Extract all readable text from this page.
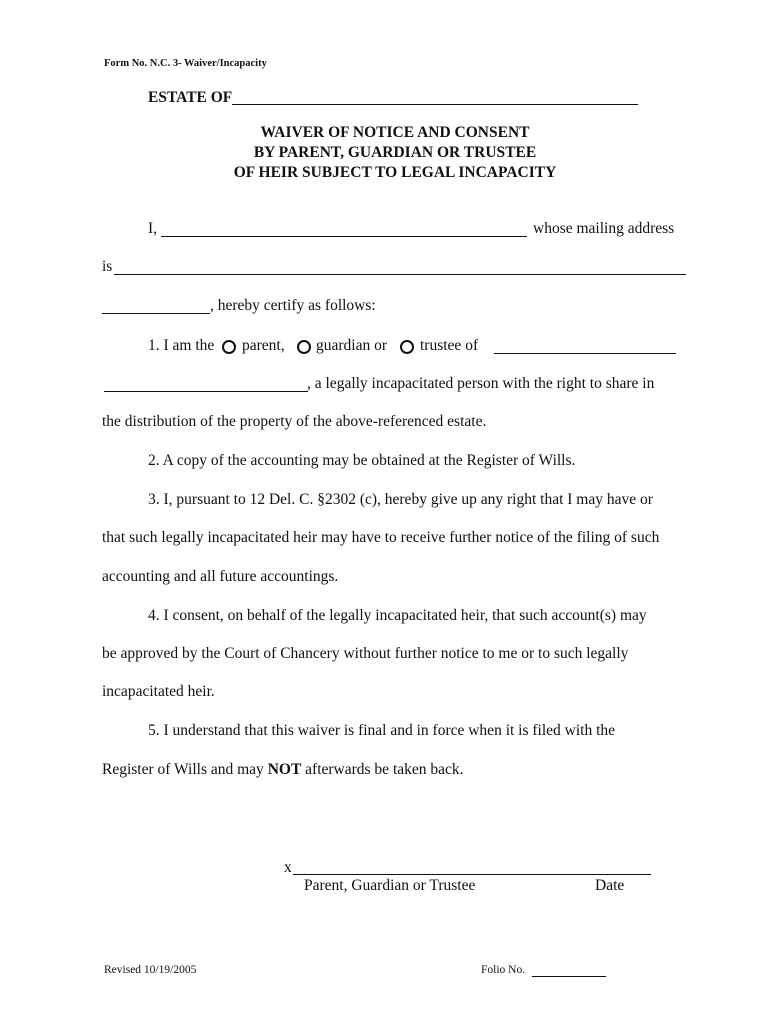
Form No. N.C. 3- Waiver/Incapacity
ESTATE OF
WAIVER OF NOTICE AND CONSENT
BY PARENT, GUARDIAN OR TRUSTEE
OF HEIR SUBJECT TO LEGAL INCAPACITY
I,	whose mailing address
is
, hereby certify as follows:
1. I am the parent, guardian or trustee of
, a legally incapacitated person with the right to share in
the distribution of the property of the above-referenced estate.
2. A copy of the accounting may be obtained at the Register of Wills.
3. I, pursuant to 12 Del. C. §2302 (c), hereby give up any right that I may have or
that such legally incapacitated heir may have to receive further notice of the filing of such
accounting and all future accountings.
4. I consent, on behalf of the legally incapacitated heir, that such account(s) may
be approved by the Court of Chancery without further notice to me or to such legally
incapacitated heir.
5. I understand that this waiver is final and in force when it is filed with the
Register of Wills and may NOT afterwards be taken back.
x
Parent, Guardian or Trustee	Date
Revised 10/19/2005	Folio No.
